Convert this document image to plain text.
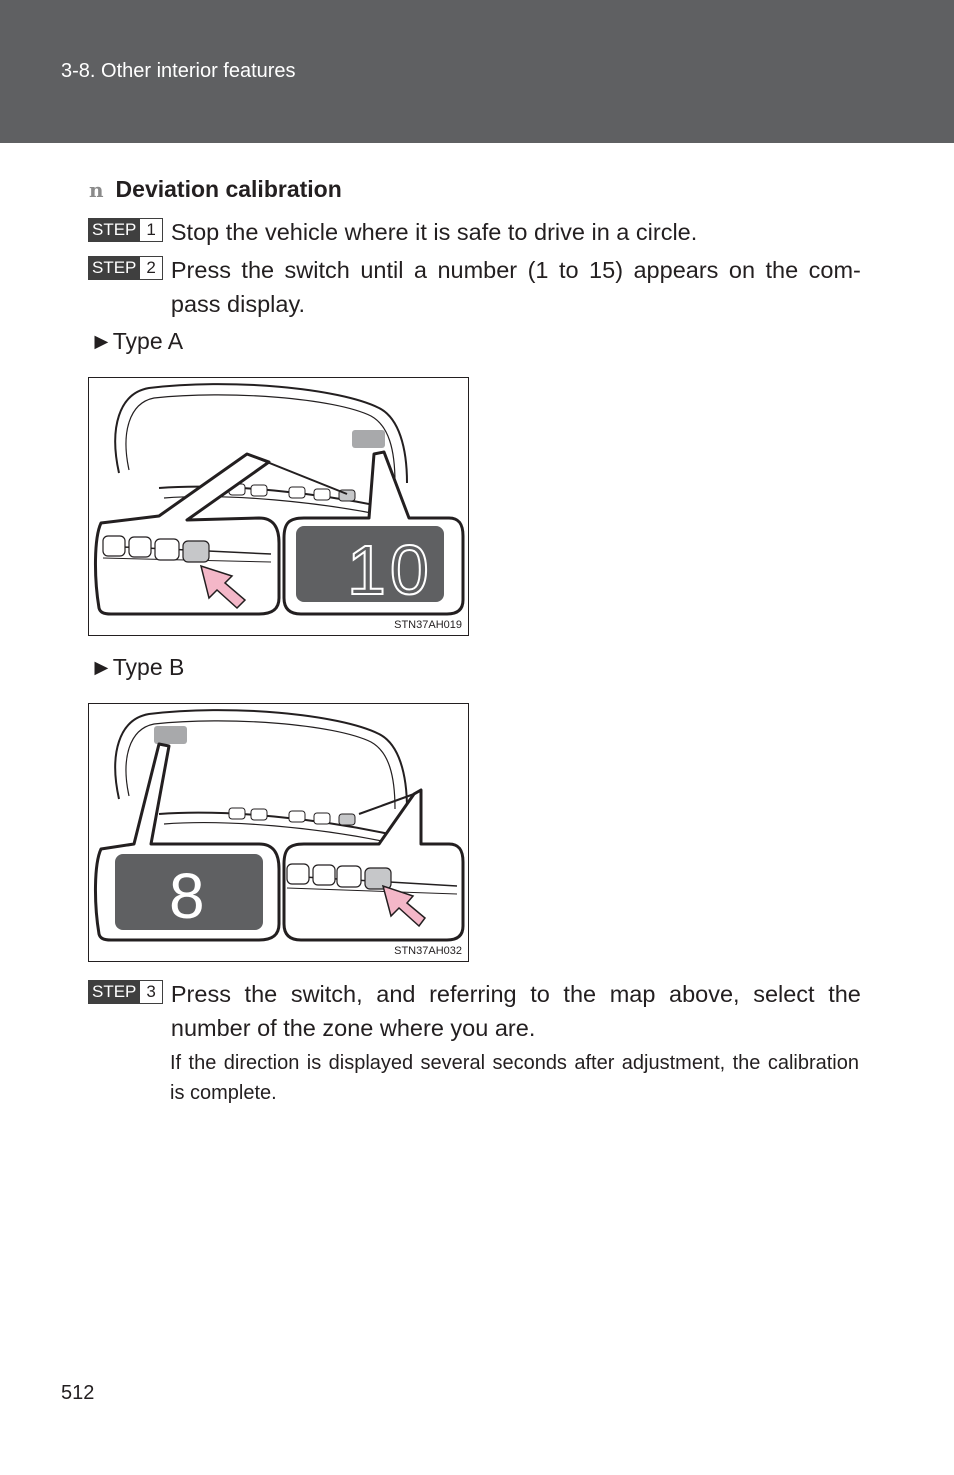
3-8. Other interior features
n Deviation calibration
STEP 1 Stop the vehicle where it is safe to drive in a circle.
STEP 2 Press the switch until a number (1 to 15) appears on the com-pass display.
►Type A
10
STN37AH019
►Type B
8
STN37AH032
STEP 3 Press the switch, and referring to the map above, select the number of the zone where you are.
If the direction is displayed several seconds after adjustment, the calibration is complete.
512
